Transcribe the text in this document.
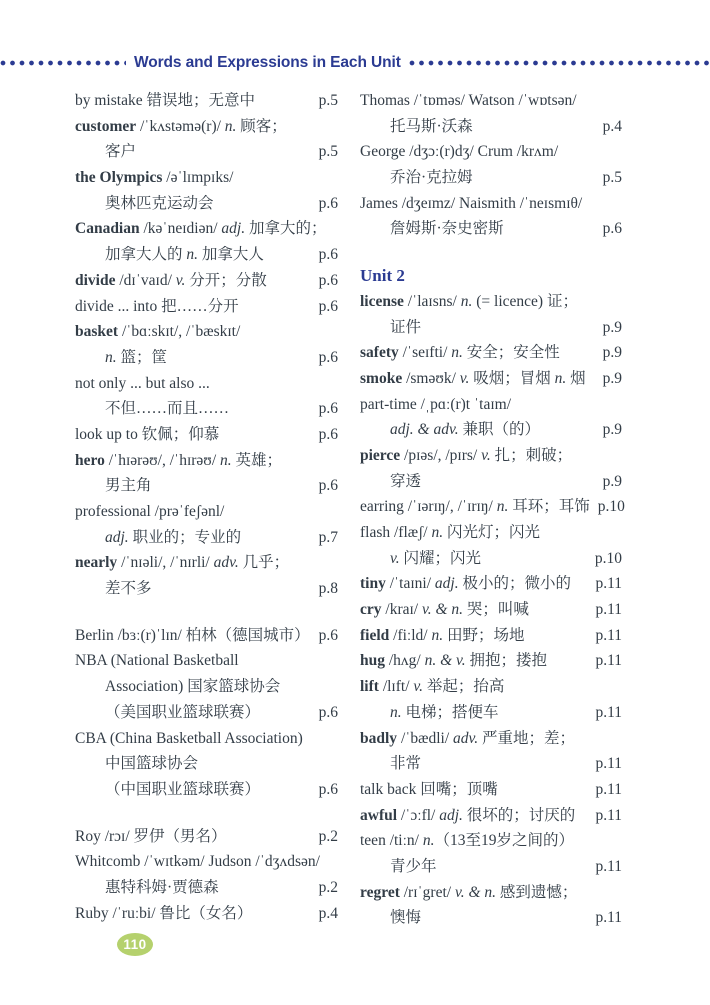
Words and Expressions in Each Unit
by mistake 错误地；无意中	p.5
customer /ˈkʌstəmə(r)/ n. 顾客；
客户	p.5
the Olympics /əˈlɪmpɪks/
奥林匹克运动会	p.6
Canadian /kəˈneɪdiən/ adj. 加拿大的；
加拿大人的 n. 加拿大人	p.6
divide /dɪˈvaɪd/ v. 分开；分散	p.6
divide ... into 把……分开	p.6
basket /ˈbɑːskɪt/, /ˈbæskɪt/
n. 篮；筐	p.6
not only ... but also ...
不但……而且……	p.6
look up to 钦佩；仰慕	p.6
hero /ˈhɪərəʊ/, /ˈhɪrəʊ/ n. 英雄；
男主角	p.6
professional /prəˈfeʃənl/
adj. 职业的；专业的	p.7
nearly /ˈnɪəli/, /ˈnɪrli/ adv. 几乎；
差不多	p.8
Berlin /bɜː(r)ˈlɪn/ 柏林（德国城市） p.6
NBA (National Basketball
Association) 国家篮球协会
（美国职业篮球联赛）	p.6
CBA (China Basketball Association)
中国篮球协会
（中国职业篮球联赛）	p.6
Roy /rɔɪ/ 罗伊（男名）	p.2
Whitcomb /ˈwɪtkəm/ Judson /ˈdʒʌdsən/
惠特科姆·贾德森	p.2
Ruby /ˈruːbi/ 鲁比（女名）	p.4
Thomas /ˈtɒməs/ Watson /ˈwɒtsən/
托马斯·沃森	p.4
George /dʒɔː(r)dʒ/ Crum /krʌm/
乔治·克拉姆	p.5
James /dʒeɪmz/ Naismith /ˈneɪsmɪθ/
詹姆斯·奈史密斯	p.6
Unit 2
license /ˈlaɪsns/ n. (= licence) 证；
证件	p.9
safety /ˈseɪfti/ n. 安全；安全性	p.9
smoke /sməʊk/ v. 吸烟；冒烟 n. 烟	p.9
part-time /ˌpɑː(r)t ˈtaɪm/
adj. & adv. 兼职（的）	p.9
pierce /pɪəs/, /pɪrs/ v. 扎；刺破；
穿透	p.9
earring /ˈɪərɪŋ/, /ˈɪrɪŋ/ n. 耳环；耳饰 p.10
flash /flæʃ/ n. 闪光灯；闪光
v. 闪耀；闪光	p.10
tiny /ˈtaɪni/ adj. 极小的；微小的	p.11
cry /kraɪ/ v. & n. 哭；叫喊	p.11
field /fiːld/ n. 田野；场地	p.11
hug /hʌg/ n. & v. 拥抱；搂抱	p.11
lift /lɪft/ v. 举起；抬高
n. 电梯；搭便车	p.11
badly /ˈbædli/ adv. 严重地；差；
非常	p.11
talk back 回嘴；顶嘴	p.11
awful /ˈɔːfl/ adj. 很坏的；讨厌的	p.11
teen /tiːn/ n.（13至19岁之间的）
青少年	p.11
regret /rɪˈgret/ v. & n. 感到遗憾；
懊悔	p.11
110
